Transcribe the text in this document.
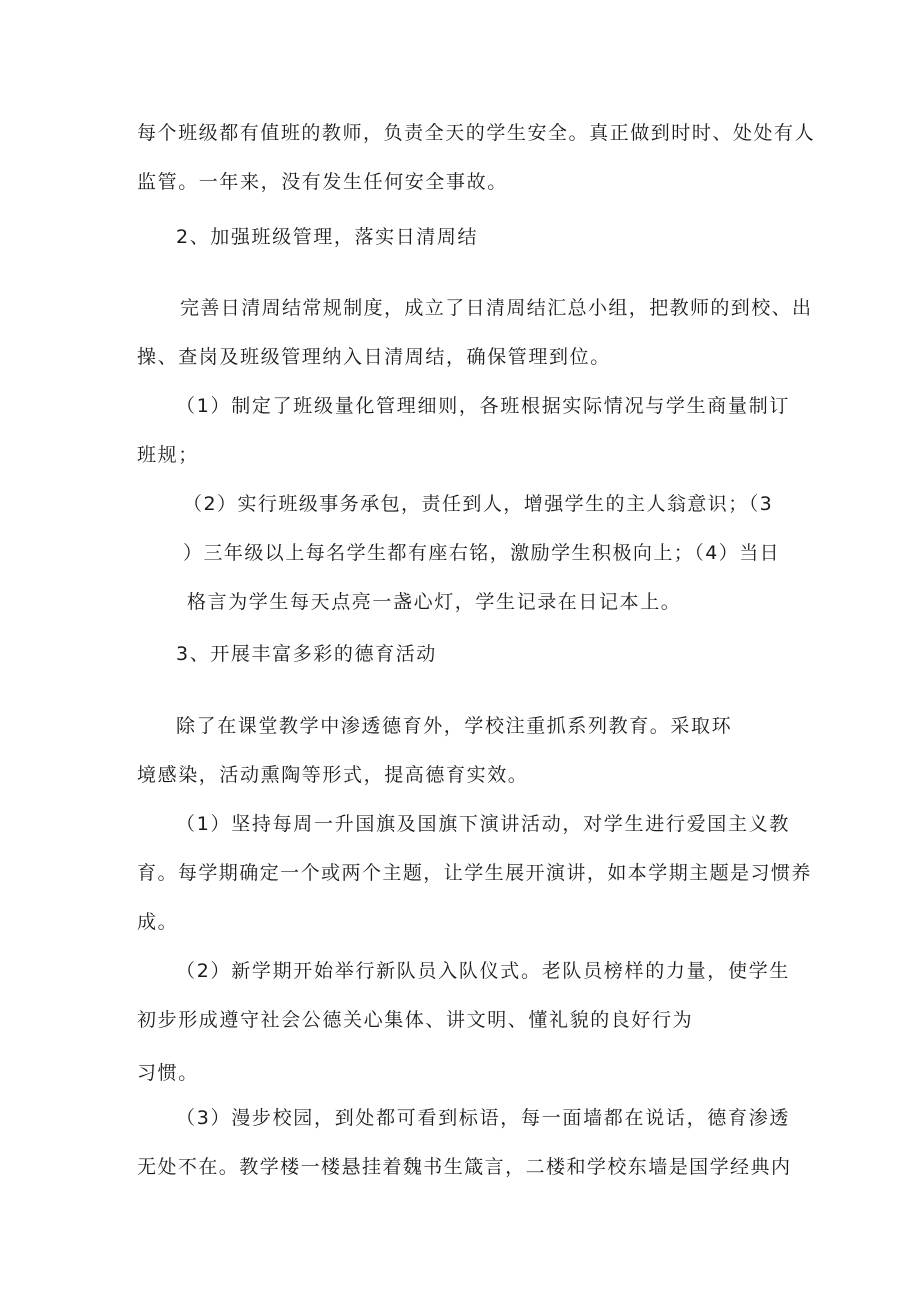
每个班级都有值班的教师，负责全天的学生安全。真正做到时时、处处有人
监管。一年来，没有发生任何安全事故。
2、加强班级管理，落实日清周结
完善日清周结常规制度，成立了日清周结汇总小组，把教师的到校、出
操、查岗及班级管理纳入日清周结，确保管理到位。
（1）制定了班级量化管理细则，各班根据实际情况与学生商量制订
班规；
（2）实行班级事务承包，责任到人，增强学生的主人翁意识；（3
）三年级以上每名学生都有座右铭，激励学生积极向上；（4）当日
格言为学生每天点亮一盏心灯，学生记录在日记本上。
3、开展丰富多彩的德育活动
除了在课堂教学中渗透德育外，学校注重抓系列教育。采取环
境感染，活动熏陶等形式，提高德育实效。
（1）坚持每周一升国旗及国旗下演讲活动，对学生进行爱国主义教
育。每学期确定一个或两个主题，让学生展开演讲，如本学期主题是习惯养
成。
（2）新学期开始举行新队员入队仪式。老队员榜样的力量，使学生
初步形成遵守社会公德关心集体、讲文明、懂礼貌的良好行为
习惯。
（3）漫步校园，到处都可看到标语，每一面墙都在说话，德育渗透
无处不在。教学楼一楼悬挂着魏书生箴言，二楼和学校东墙是国学经典内
